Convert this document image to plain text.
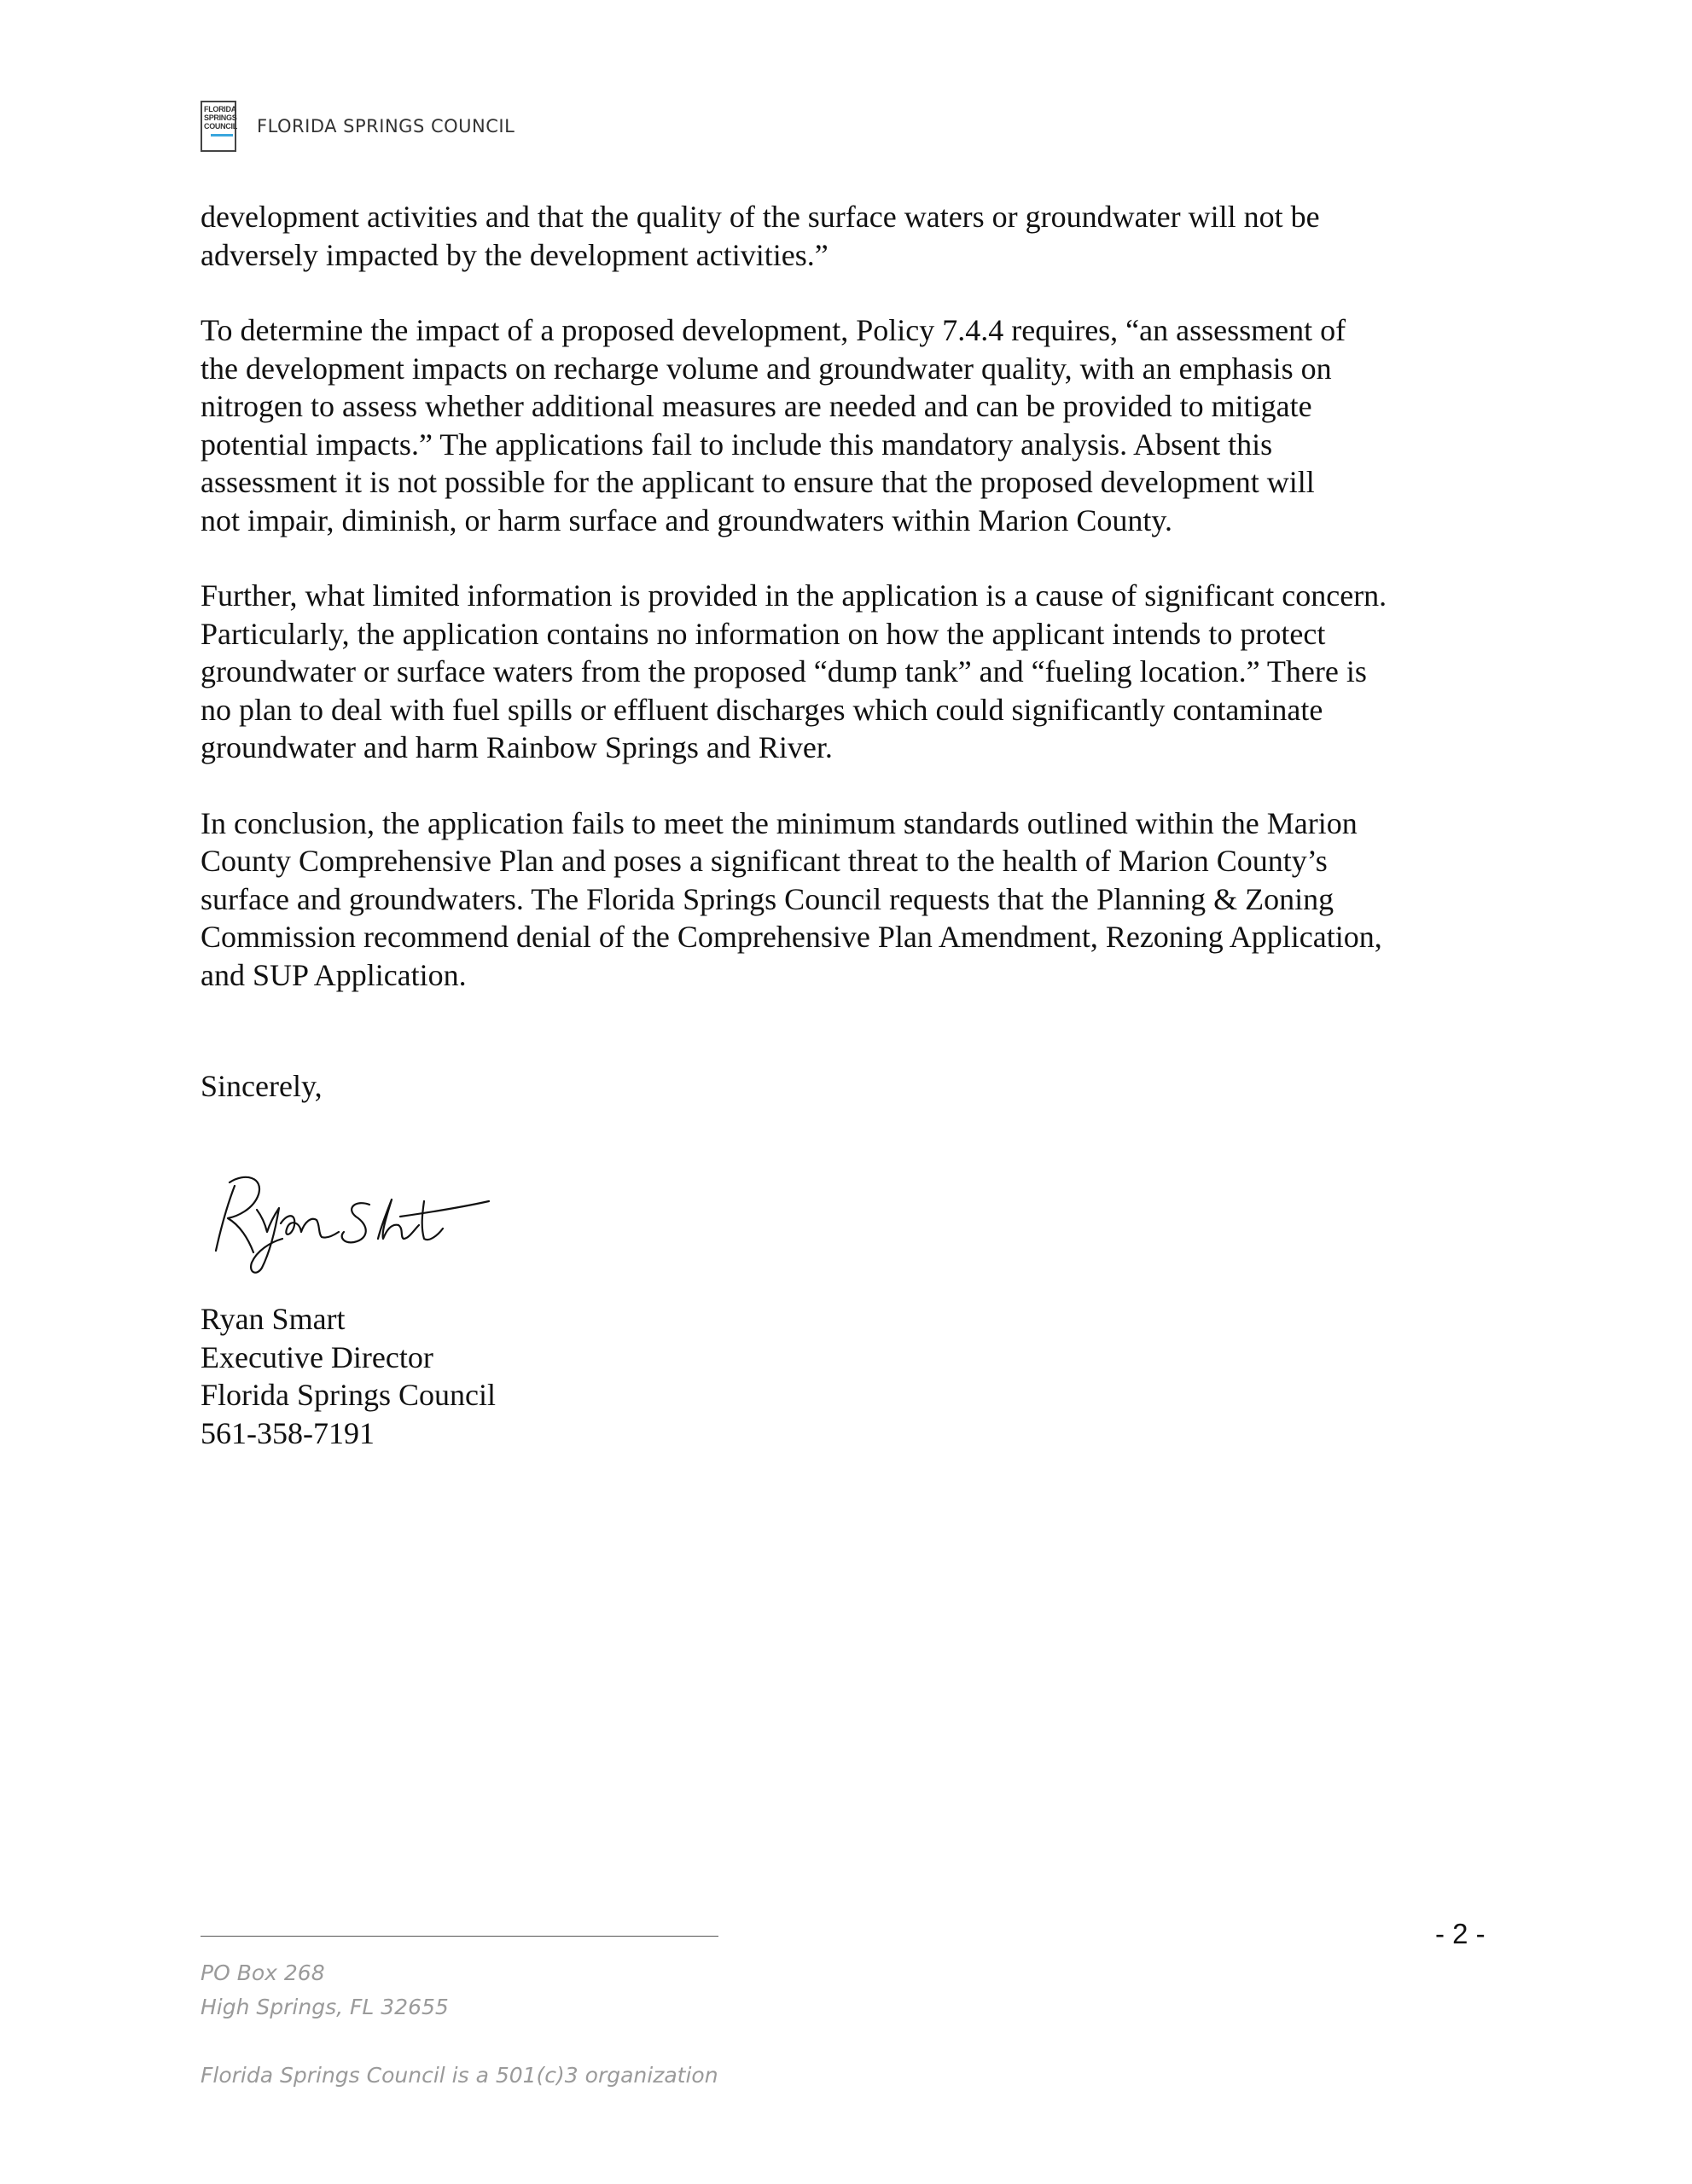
FLORIDA
SPRINGS
COUNCIL FLORIDA SPRINGS COUNCIL

development activities and that the quality of the surface waters or groundwater will not be
adversely impacted by the development activities.”

To determine the impact of a proposed development, Policy 7.4.4 requires, “an assessment of
the development impacts on recharge volume and groundwater quality, with an emphasis on
nitrogen to assess whether additional measures are needed and can be provided to mitigate
potential impacts.” The applications fail to include this mandatory analysis. Absent this
assessment it is not possible for the applicant to ensure that the proposed development will
not impair, diminish, or harm surface and groundwaters within Marion County.

Further, what limited information is provided in the application is a cause of significant concern.
Particularly, the application contains no information on how the applicant intends to protect
groundwater or surface waters from the proposed “dump tank” and “fueling location.” There is
no plan to deal with fuel spills or effluent discharges which could significantly contaminate
groundwater and harm Rainbow Springs and River.

In conclusion, the application fails to meet the minimum standards outlined within the Marion
County Comprehensive Plan and poses a significant threat to the health of Marion County’s
surface and groundwaters. The Florida Springs Council requests that the Planning & Zoning
Commission recommend denial of the Comprehensive Plan Amendment, Rezoning Application,
and SUP Application.

Sincerely,
Ryan Smart
Executive Director
Florida Springs Council
561-358-7191
- 2 -
PO Box 268
High Springs, FL 32655
Florida Springs Council is a 501(c)3 organization
